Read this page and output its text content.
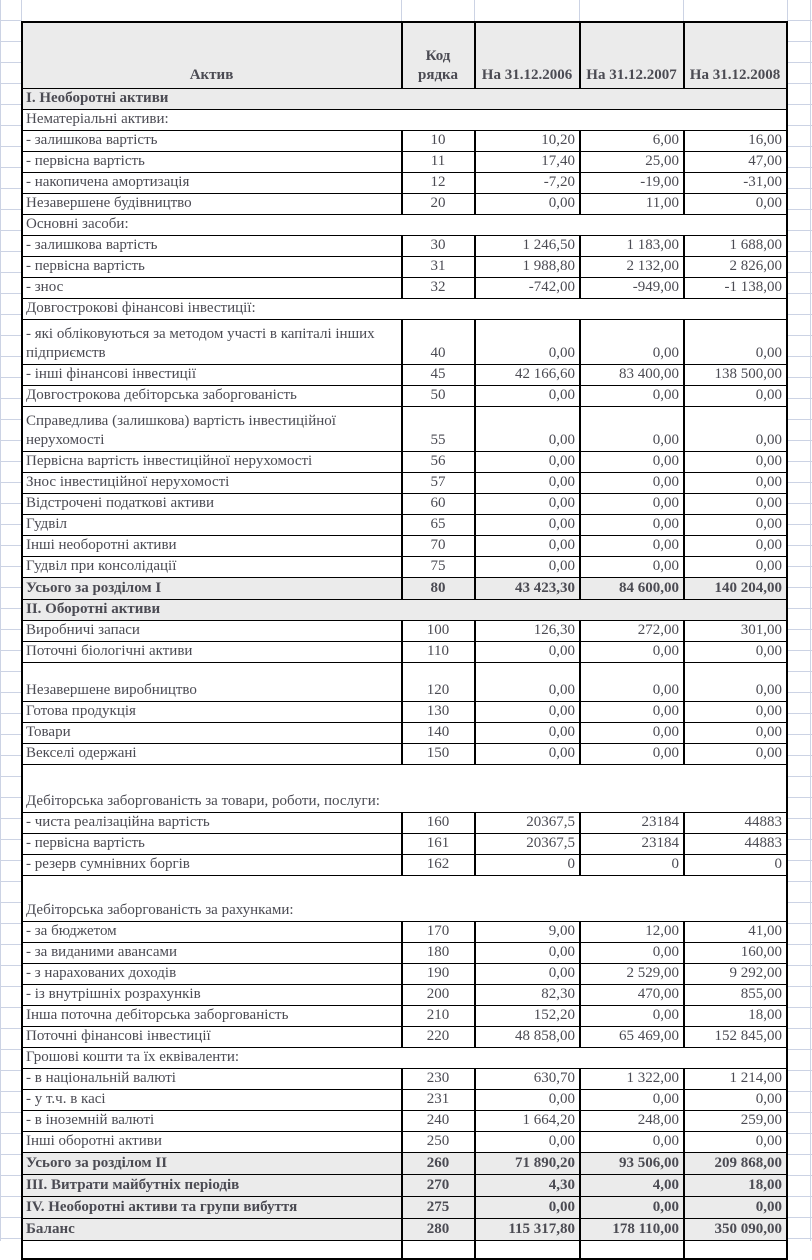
Актив	Код рядка	На 31.12.2006	На 31.12.2007	На 31.12.2008
I. Необоротні активи				
Нематеріальні активи:				
- залишкова вартість	10	10,20	6,00	16,00
- первісна вартість	11	17,40	25,00	47,00
- накопичена амортизація	12	-7,20	-19,00	-31,00
Незавершене будівництво	20	0,00	11,00	0,00
Основні засоби:				
- залишкова вартість	30	1 246,50	1 183,00	1 688,00
- первісна вартість	31	1 988,80	2 132,00	2 826,00
- знос	32	-742,00	-949,00	-1 138,00
Довгострокові фінансові інвестиції:				
- які обліковуються за методом участі в капіталі інших підприємств	40	0,00	0,00	0,00
- інші фінансові інвестиції	45	42 166,60	83 400,00	138 500,00
Довгострокова дебіторська заборгованість	50	0,00	0,00	0,00
Справедлива (залишкова) вартість інвестиційної нерухомості	55	0,00	0,00	0,00
Первісна вартість інвестиційної нерухомості	56	0,00	0,00	0,00
Знос інвестиційної нерухомості	57	0,00	0,00	0,00
Відстрочені податкові активи	60	0,00	0,00	0,00
Гудвіл	65	0,00	0,00	0,00
Інші необоротні активи	70	0,00	0,00	0,00
Гудвіл при консолідації	75	0,00	0,00	0,00
Усього за розділом I	80	43 423,30	84 600,00	140 204,00
II. Оборотні активи				
Виробничі запаси	100	126,30	272,00	301,00
Поточні біологічні активи	110	0,00	0,00	0,00
Незавершене виробництво	120	0,00	0,00	0,00
Готова продукція	130	0,00	0,00	0,00
Товари	140	0,00	0,00	0,00
Векселі одержані	150	0,00	0,00	0,00
Дебіторська заборгованість за товари, роботи, послуги:				
- чиста реалізаційна вартість	160	20367,5	23184	44883
- первісна вартість	161	20367,5	23184	44883
- резерв сумнівних боргів	162	0	0	0
Дебіторська заборгованість за рахунками:				
- за бюджетом	170	9,00	12,00	41,00
- за виданими авансами	180	0,00	0,00	160,00
- з нарахованих доходів	190	0,00	2 529,00	9 292,00
- із внутрішніх розрахунків	200	82,30	470,00	855,00
Інша поточна дебіторська заборгованість	210	152,20	0,00	18,00
Поточні фінансові інвестиції	220	48 858,00	65 469,00	152 845,00
Грошові кошти та їх еквіваленти:				
- в національній валюті	230	630,70	1 322,00	1 214,00
- у т.ч. в касі	231	0,00	0,00	0,00
- в іноземній валюті	240	1 664,20	248,00	259,00
Інші оборотні активи	250	0,00	0,00	0,00
Усього за розділом II	260	71 890,20	93 506,00	209 868,00
III. Витрати майбутніх періодів	270	4,30	4,00	18,00
IV. Необоротні активи та групи вибуття	275	0,00	0,00	0,00
Баланс	280	115 317,80	178 110,00	350 090,00
